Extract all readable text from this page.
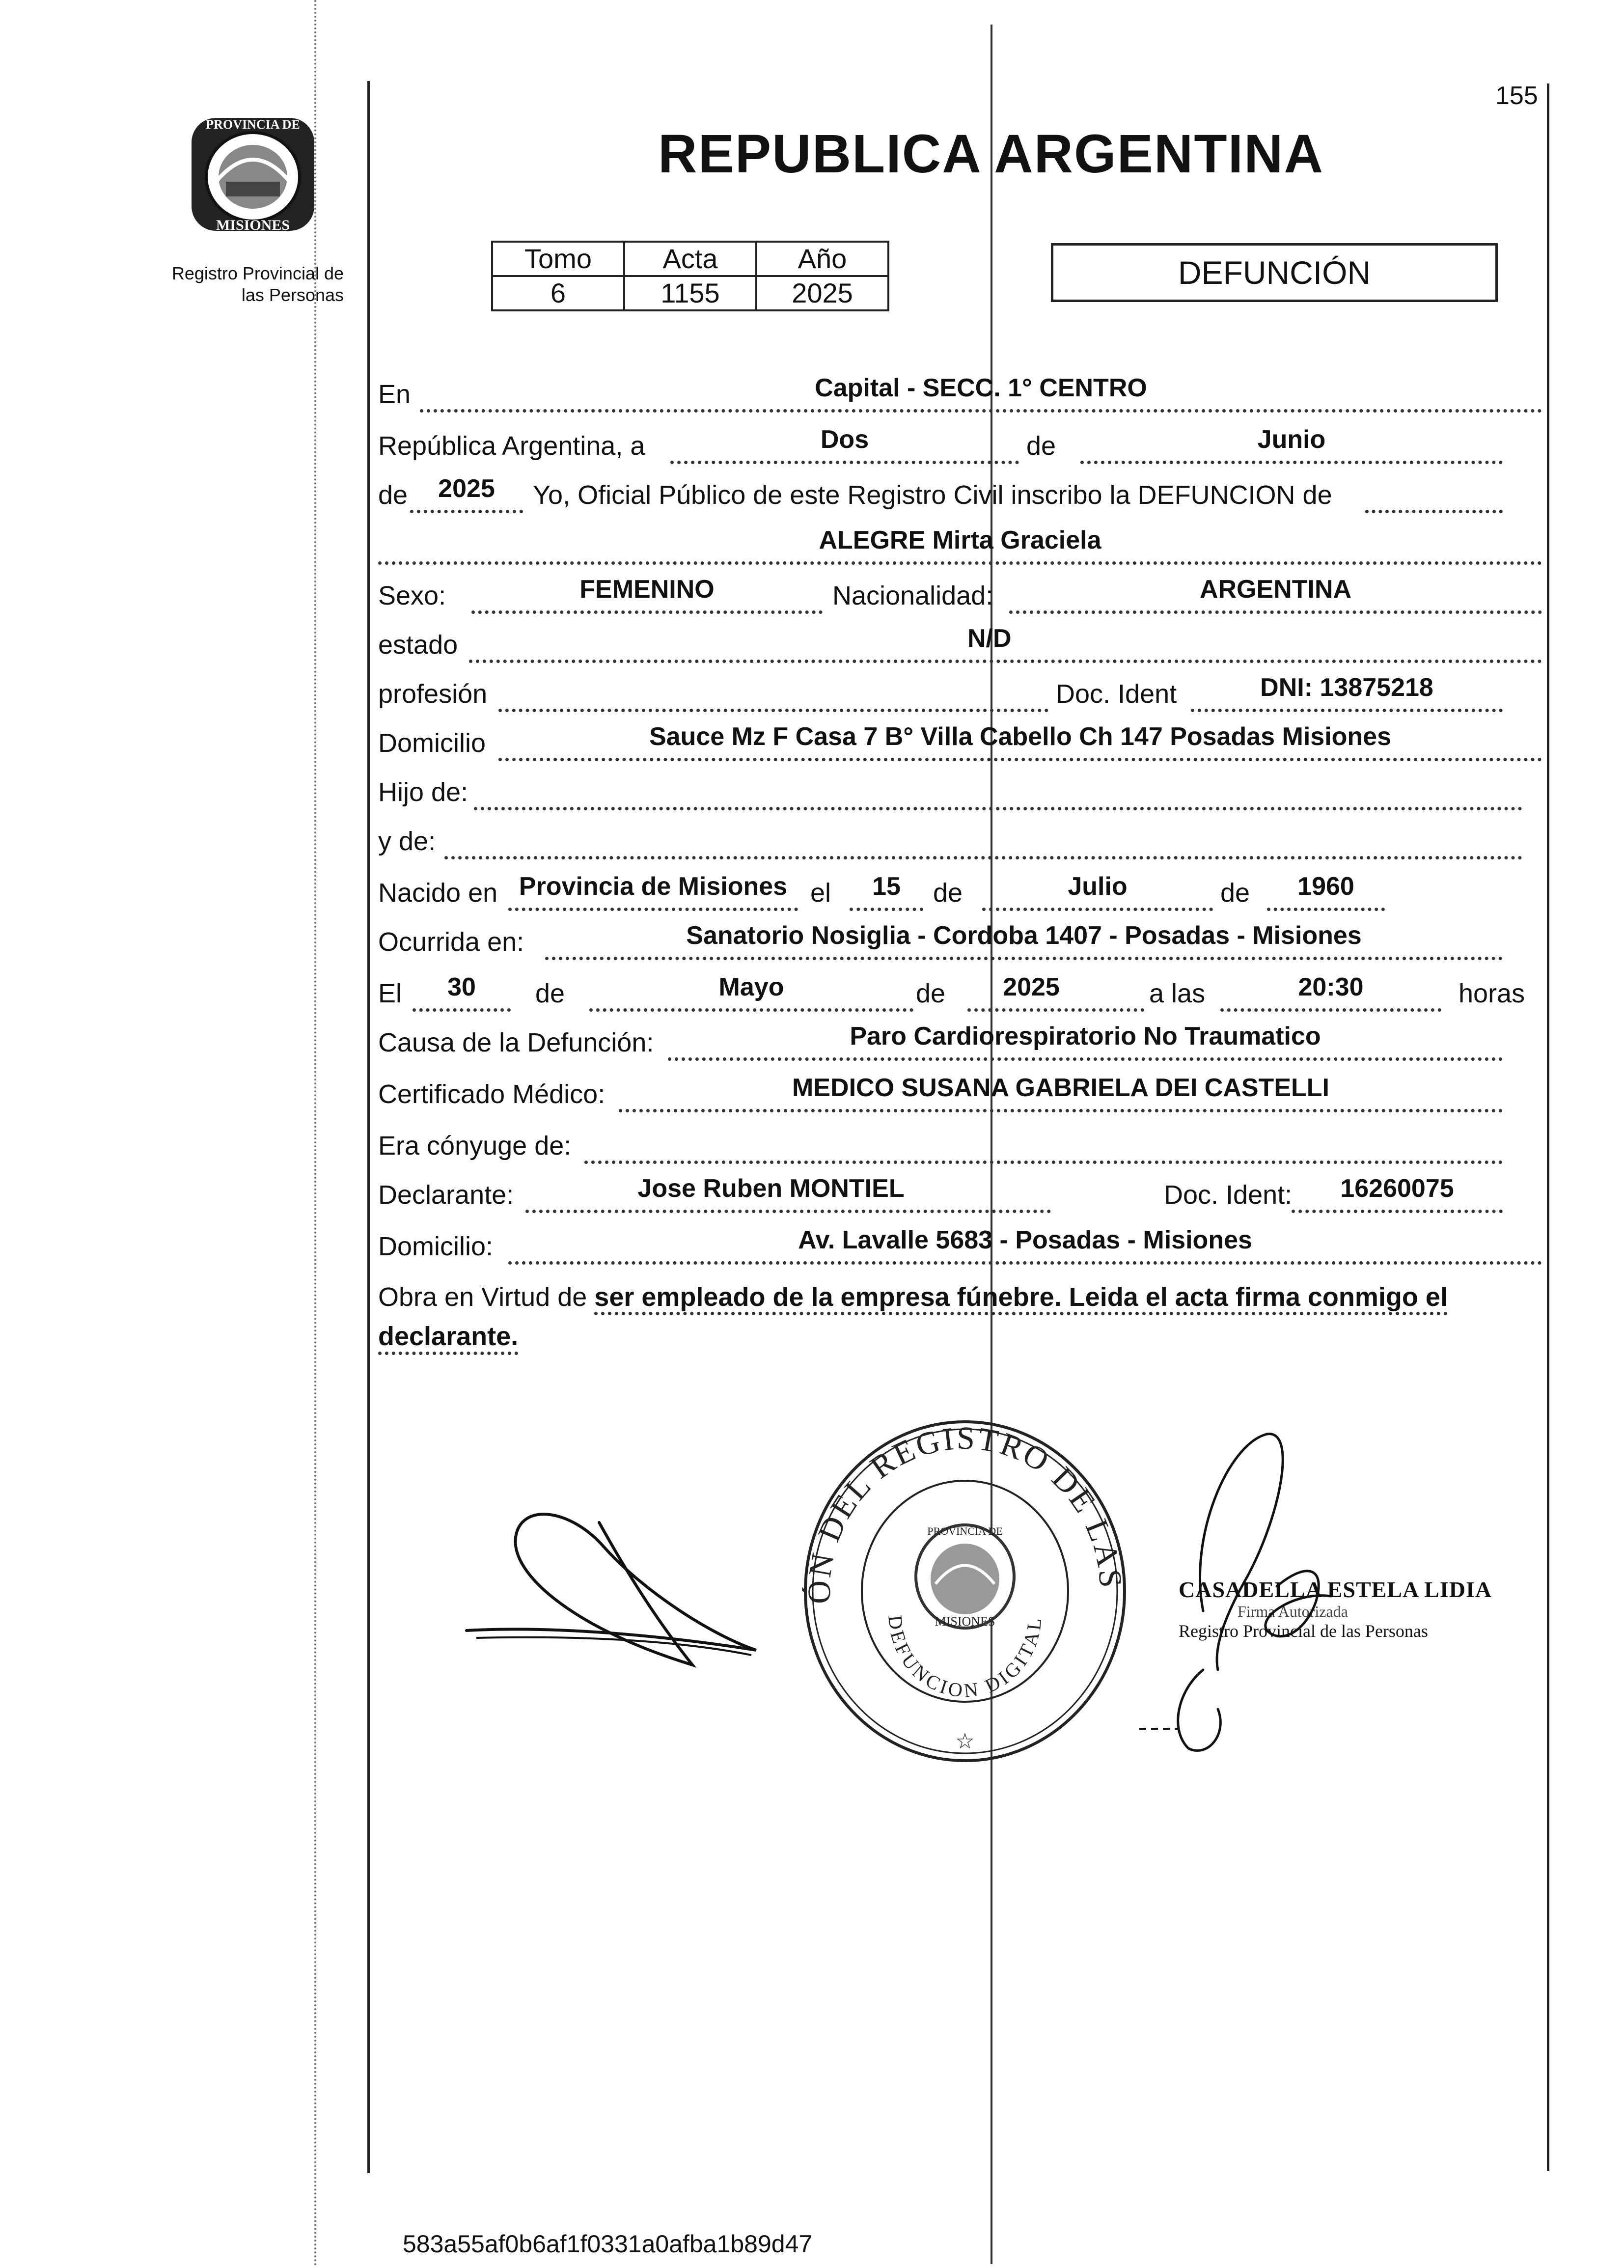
PROVINCIA DE
MISIONES
Registro Provincial de
las Personas
155
REPUBLICA ARGENTINA
Tomo	Acta	Año
6	1155	2025
DEFUNCIÓN
En	Capital - SECC. 1° CENTRO
República Argentina, a	Dos	de	Junio
de	2025	Yo, Oficial Público de este Registro Civil inscribo la DEFUNCION de
ALEGRE Mirta Graciela
Sexo:	FEMENINO	Nacionalidad:	ARGENTINA
estado	N/D
profesión	Doc. Ident	DNI: 13875218
Domicilio	Sauce Mz F Casa 7 B° Villa Cabello Ch 147 Posadas Misiones
Hijo de:
y de:
Nacido en Provincia de Misiones el	15	de	Julio	de	1960
Ocurrida en:	Sanatorio Nosiglia - Cordoba 1407 - Posadas - Misiones
El	30	de	Mayo	de	2025	a las	20:30	horas
Causa de la Defunción:	Paro Cardiorespiratorio No Traumatico
Certificado Médico:	MEDICO SUSANA GABRIELA DEI CASTELLI
Era cónyuge de:
Declarante:	Jose Ruben MONTIEL	Doc. Ident:	16260075
Domicilio:	Av. Lavalle 5683 - Posadas - Misiones
Obra en Virtud de ser empleado de la empresa fúnebre. Leida el acta firma conmigo el
declarante.
ÓN DEL REGISTRO DE LAS
DEFUNCION DIGITAL
PROVINCIA DE
MISIONES
☆
CASADELLA ESTELA LIDIA
Firma Autorizada
Registro Provincial de las Personas
583a55af0b6af1f0331a0afba1b89d47
